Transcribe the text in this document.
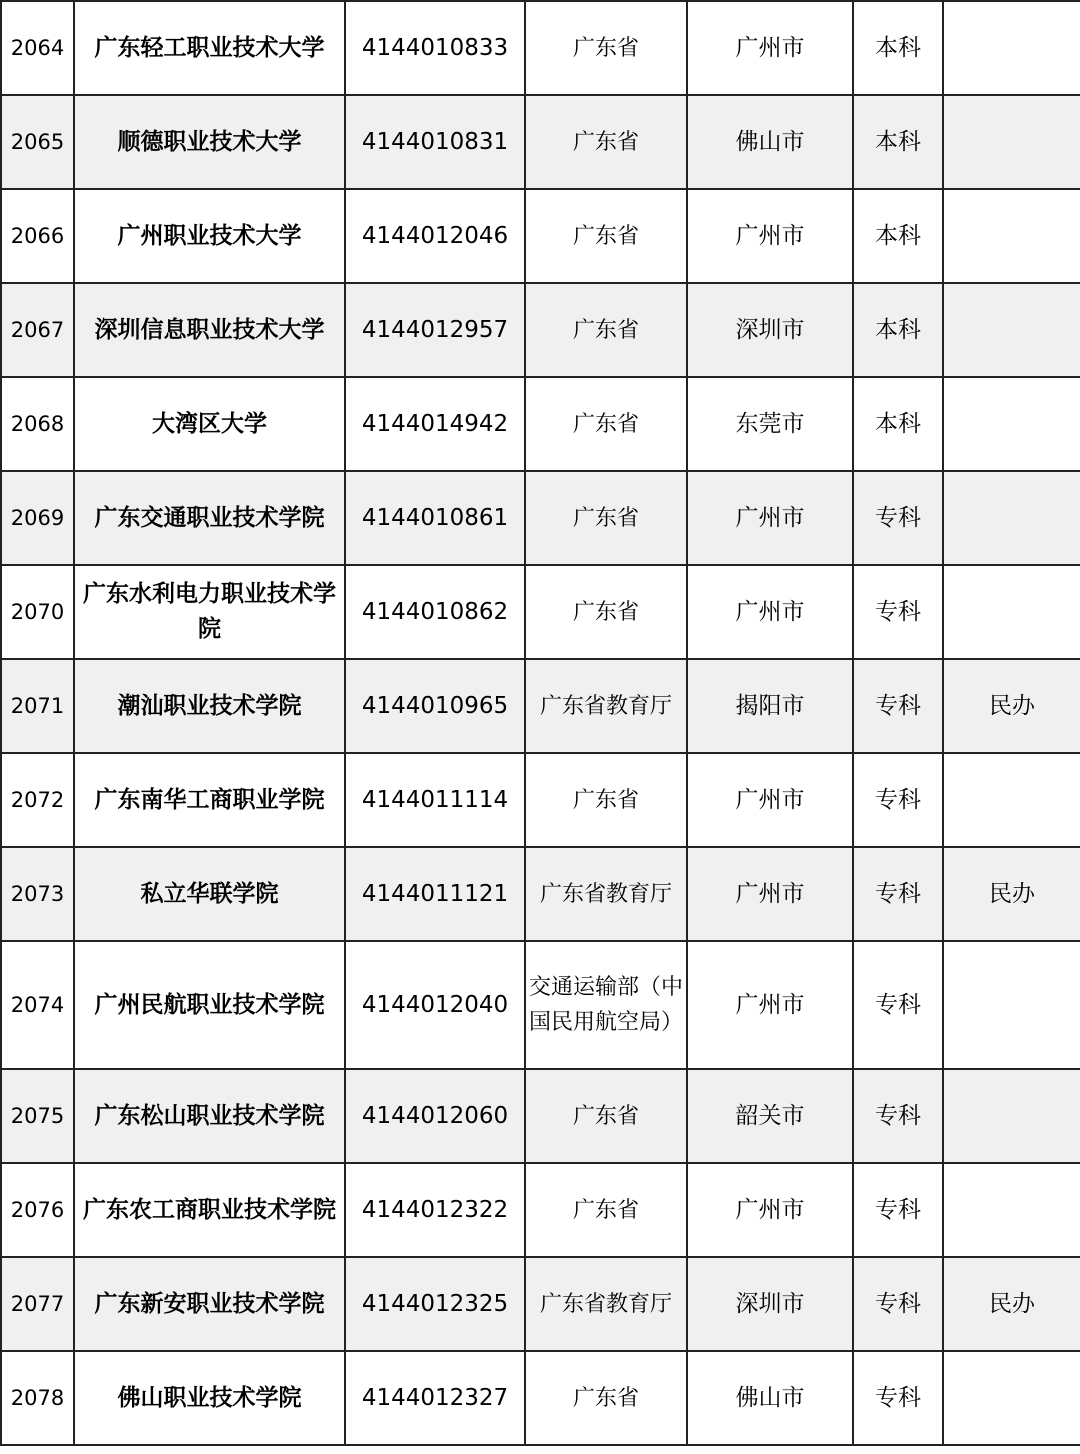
2064	广东轻工职业技术大学	4144010833	广东省	广州市	本科	
2065	顺德职业技术大学	4144010831	广东省	佛山市	本科	
2066	广州职业技术大学	4144012046	广东省	广州市	本科	
2067	深圳信息职业技术大学	4144012957	广东省	深圳市	本科	
2068	大湾区大学	4144014942	广东省	东莞市	本科	
2069	广东交通职业技术学院	4144010861	广东省	广州市	专科	
2070	广东水利电力职业技术学院	4144010862	广东省	广州市	专科	
2071	潮汕职业技术学院	4144010965	广东省教育厅	揭阳市	专科	民办
2072	广东南华工商职业学院	4144011114	广东省	广州市	专科	
2073	私立华联学院	4144011121	广东省教育厅	广州市	专科	民办
2074	广州民航职业技术学院	4144012040	交通运输部（中国民用航空局）	广州市	专科	
2075	广东松山职业技术学院	4144012060	广东省	韶关市	专科	
2076	广东农工商职业技术学院	4144012322	广东省	广州市	专科	
2077	广东新安职业技术学院	4144012325	广东省教育厅	深圳市	专科	民办
2078	佛山职业技术学院	4144012327	广东省	佛山市	专科	
